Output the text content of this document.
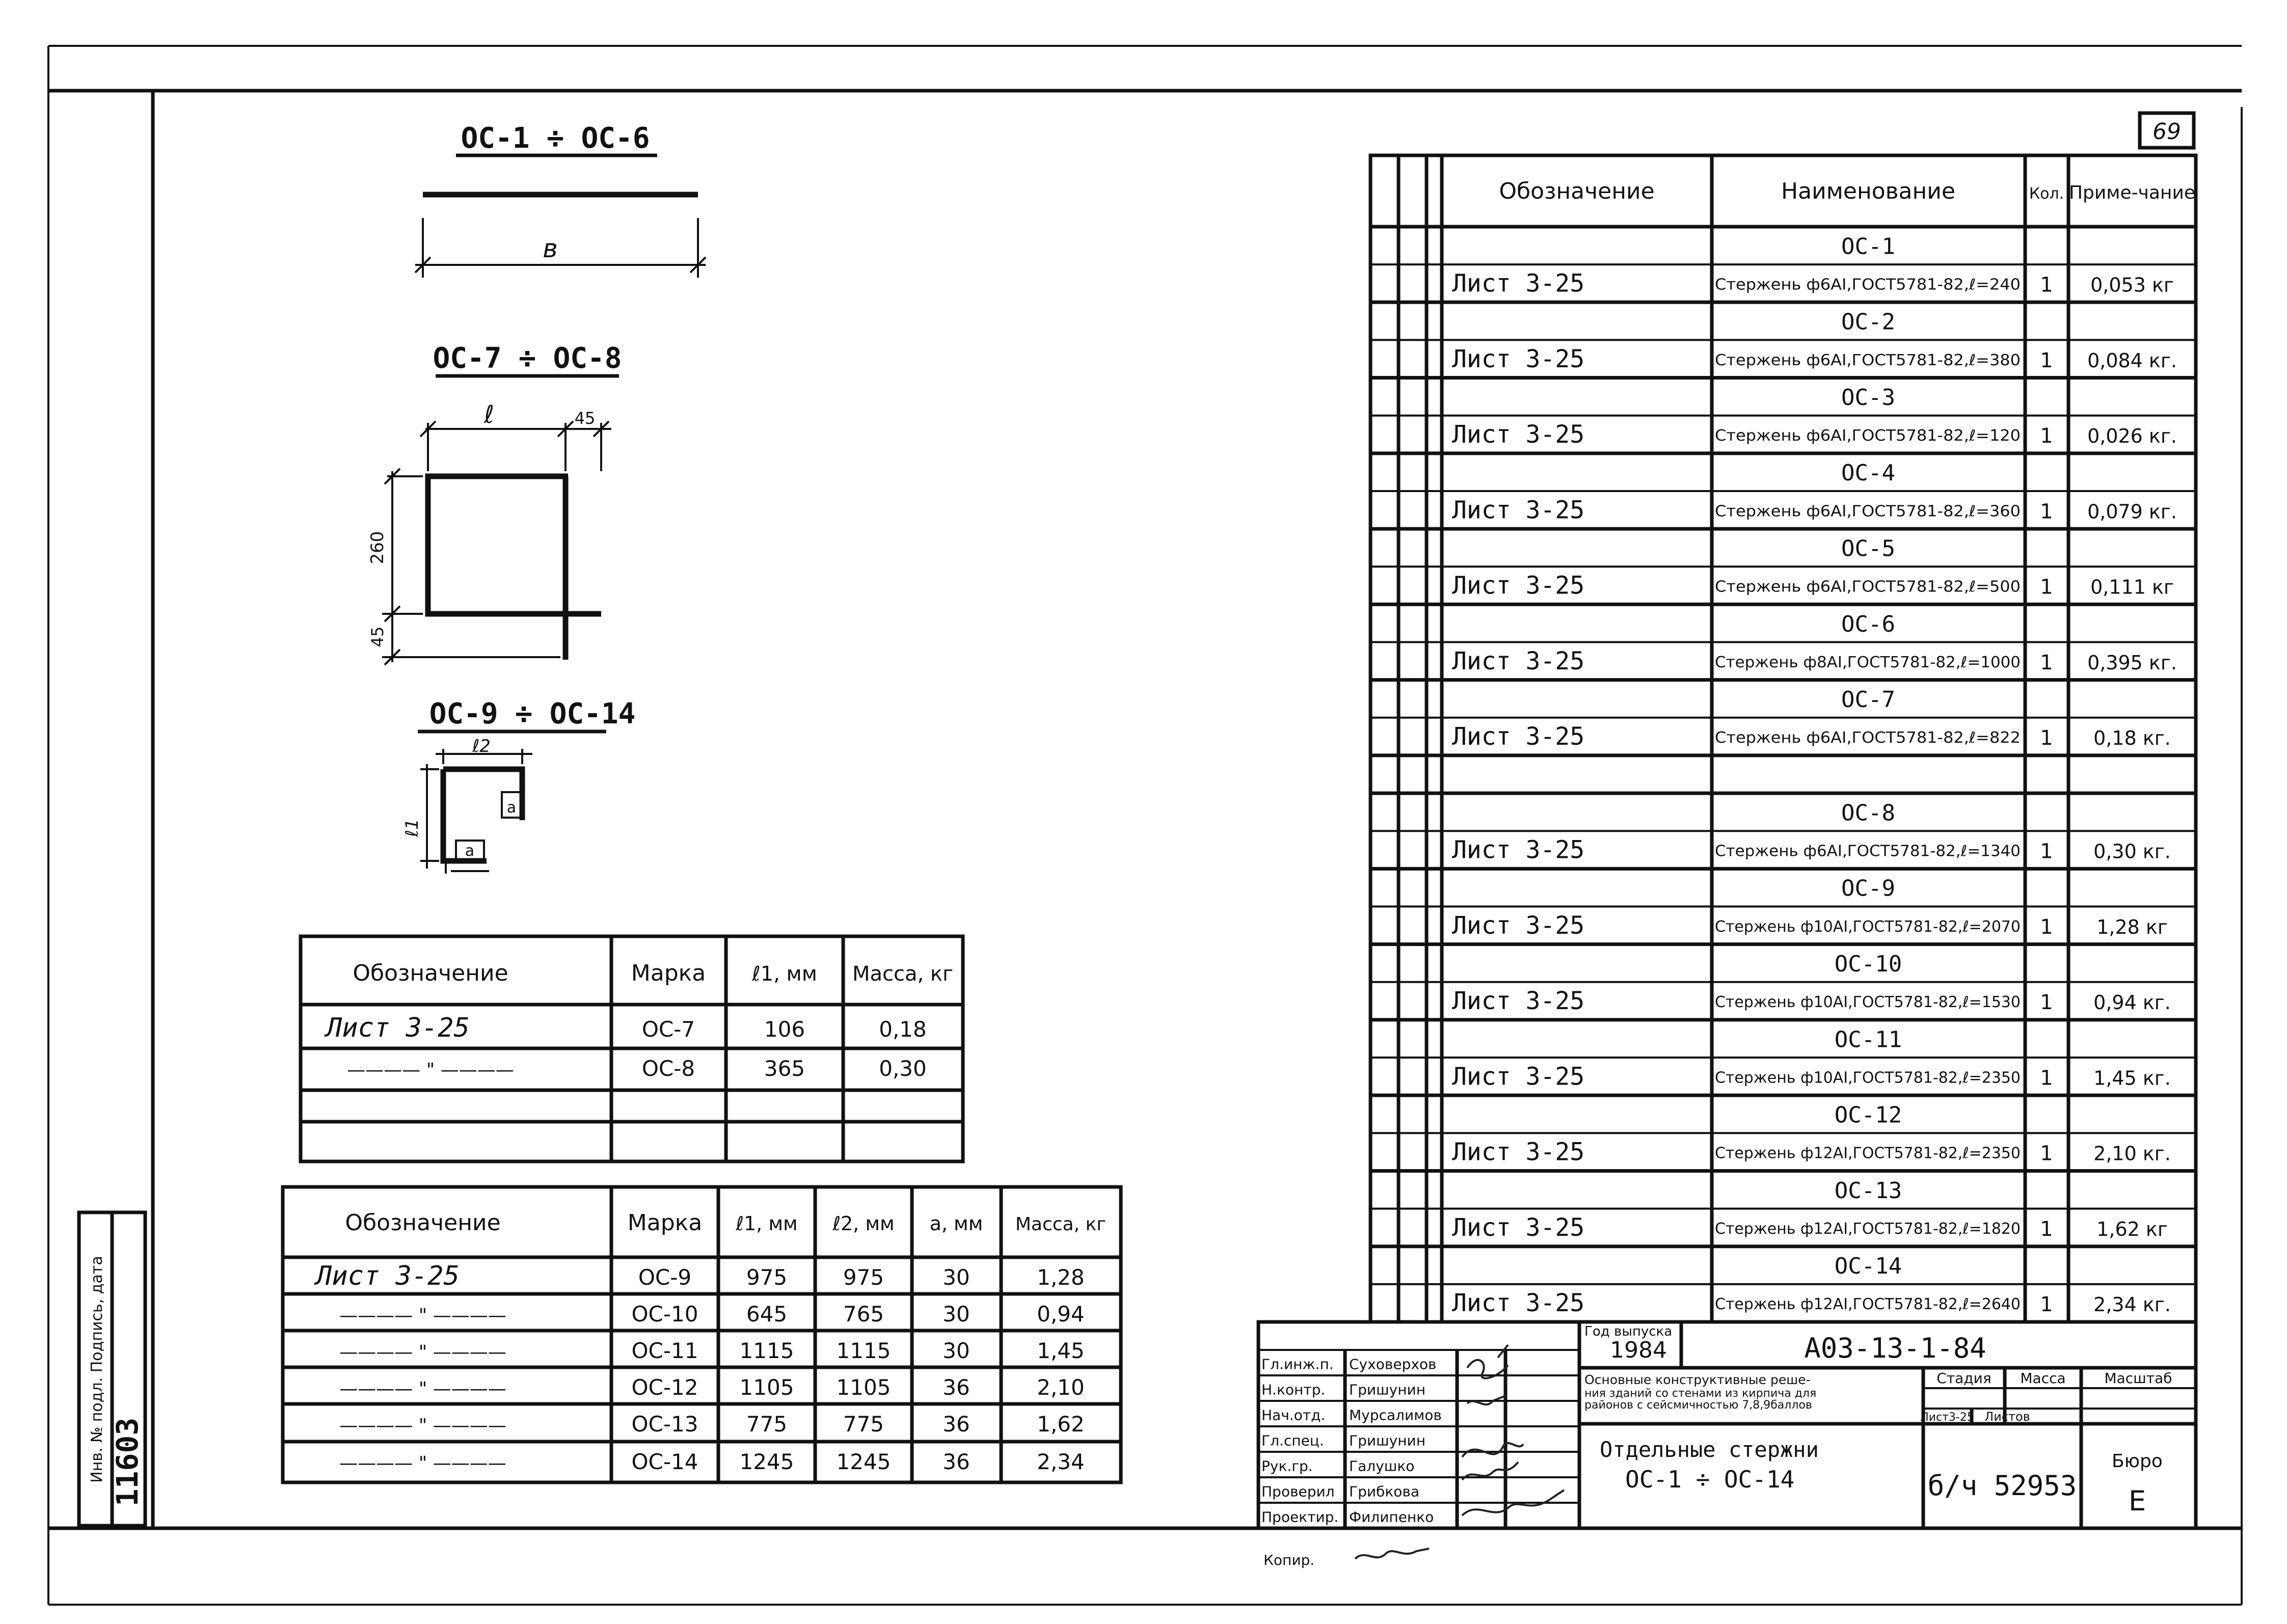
69
Инв. № подл. Подпись, дата 11603
ОС-1 ÷ ОС-6
в
ОС-7 ÷ ОС-8
ℓ	45
260
45
ОС-9 ÷ ОС-14
ℓ2
ℓ1
a
a
Обозначение	Марка ℓ1, мм Масса, кг
Лист 3-25	ОС-7	106	0,18
———— " ————	ОС-8	365	0,30
Обозначение	Марка ℓ1, мм ℓ2, мм a, мм Масса, кг
Лист 3-25	ОС-9	975	975	30	1,28
———— " ————	ОС-10 645	765	30	0,94
———— " ————	ОС-11 1115 1115 30	1,45
———— " ————	ОС-12 1105 1105 36	2,10
———— " ————	ОС-13 775	775	36	1,62
———— " ————	ОС-14 1245 1245 36	2,34
Обозначение	Наименование	Кол. Приме-чание
ОС-1
Лист 3-25	Стержень ф6АI,ГОСТ5781-82,ℓ=240 1 0,053 кг
ОС-2
Лист 3-25	Стержень ф6АI,ГОСТ5781-82,ℓ=380 1 0,084 кг.
ОС-3
Лист 3-25	Стержень ф6АI,ГОСТ5781-82,ℓ=120 1 0,026 кг.
ОС-4
Лист 3-25	Стержень ф6АI,ГОСТ5781-82,ℓ=360 1 0,079 кг.
ОС-5
Лист 3-25	Стержень ф6АI,ГОСТ5781-82,ℓ=500 1 0,111 кг
ОС-6
Лист 3-25	Стержень ф8АI,ГОСТ5781-82,ℓ=1000 1 0,395 кг.
ОС-7
Лист 3-25	Стержень ф6АI,ГОСТ5781-82,ℓ=822 1 0,18 кг.
ОС-8
Лист 3-25	Стержень ф6АI,ГОСТ5781-82,ℓ=1340 1 0,30 кг.
ОС-9
Лист 3-25	Стержень ф10АI,ГОСТ5781-82,ℓ=2070 1 1,28 кг
ОС-10
Лист 3-25	Стержень ф10АI,ГОСТ5781-82,ℓ=1530 1 0,94 кг.
ОС-11
Лист 3-25	Стержень ф10АI,ГОСТ5781-82,ℓ=2350 1 1,45 кг.
ОС-12
Лист 3-25	Стержень ф12АI,ГОСТ5781-82,ℓ=2350 1 2,10 кг.
ОС-13
Лист 3-25	Стержень ф12АI,ГОСТ5781-82,ℓ=1820 1 1,62 кг
ОС-14
Лист 3-25	Стержень ф12АI,ГОСТ5781-82,ℓ=2640 1 2,34 кг.
Гл.инж.п. Суховерхов
Н.контр. Гришунин
Нач.отд. Мурсалимов
Гл.спец. Гришунин
Рук.гр.	Галушко
Проверил Грибкова
Проектир. Филипенко
Год выпуска
1984	А03-13-1-84
Основные конструктивные реше-
ния зданий со стенами из кирпича для
районов с сейсмичностью 7,8,9баллов
Стадия Масса	Масштаб
Лист3-25 Листов
Отдельные стержни
ОС-1 ÷ ОС-14	б/ч 52953
Бюро
Е
Копир.
